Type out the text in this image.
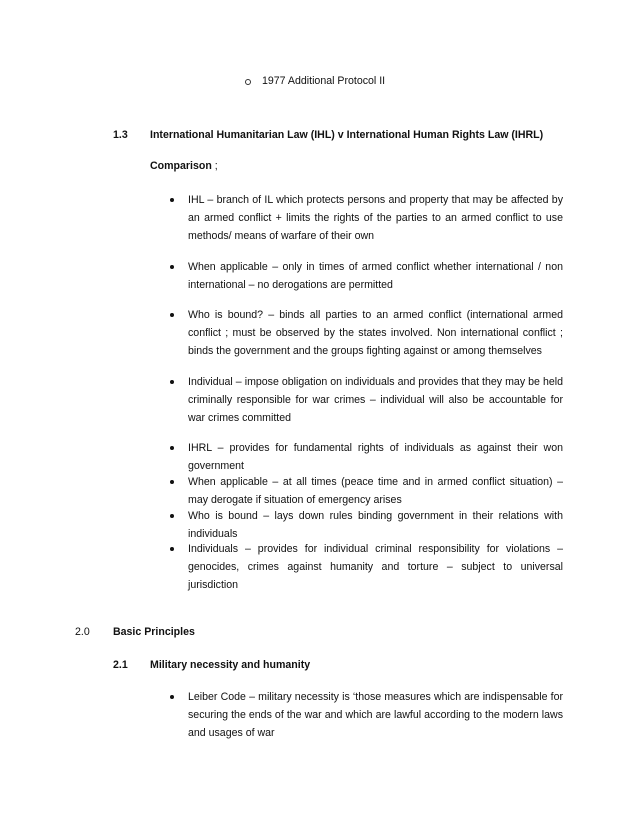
1977 Additional Protocol II
1.3 International Humanitarian Law (IHL) v International Human Rights Law (IHRL)
Comparison ;
IHL – branch of IL which protects persons and property that may be affected by an armed conflict + limits the rights of the parties to an armed conflict to use methods/ means of warfare of their own
When applicable – only in times of armed conflict whether international / non international – no derogations are permitted
Who is bound? – binds all parties to an armed conflict (international armed conflict ; must be observed by the states involved. Non international conflict ; binds the government and the groups fighting against or among themselves
Individual – impose obligation on individuals and provides that they may be held criminally responsible for war crimes – individual will also be accountable for war crimes committed
IHRL – provides for fundamental rights of individuals as against their won government
When applicable – at all times (peace time and in armed conflict situation) – may derogate if situation of emergency arises
Who is bound – lays down rules binding government in their relations with individuals
Individuals – provides for individual criminal responsibility for violations – genocides, crimes against humanity and torture – subject to universal jurisdiction
2.0 Basic Principles
2.1 Military necessity and humanity
Leiber Code – military necessity is ‘those measures which are indispensable for securing the ends of the war and which are lawful according to the modern laws and usages of war
